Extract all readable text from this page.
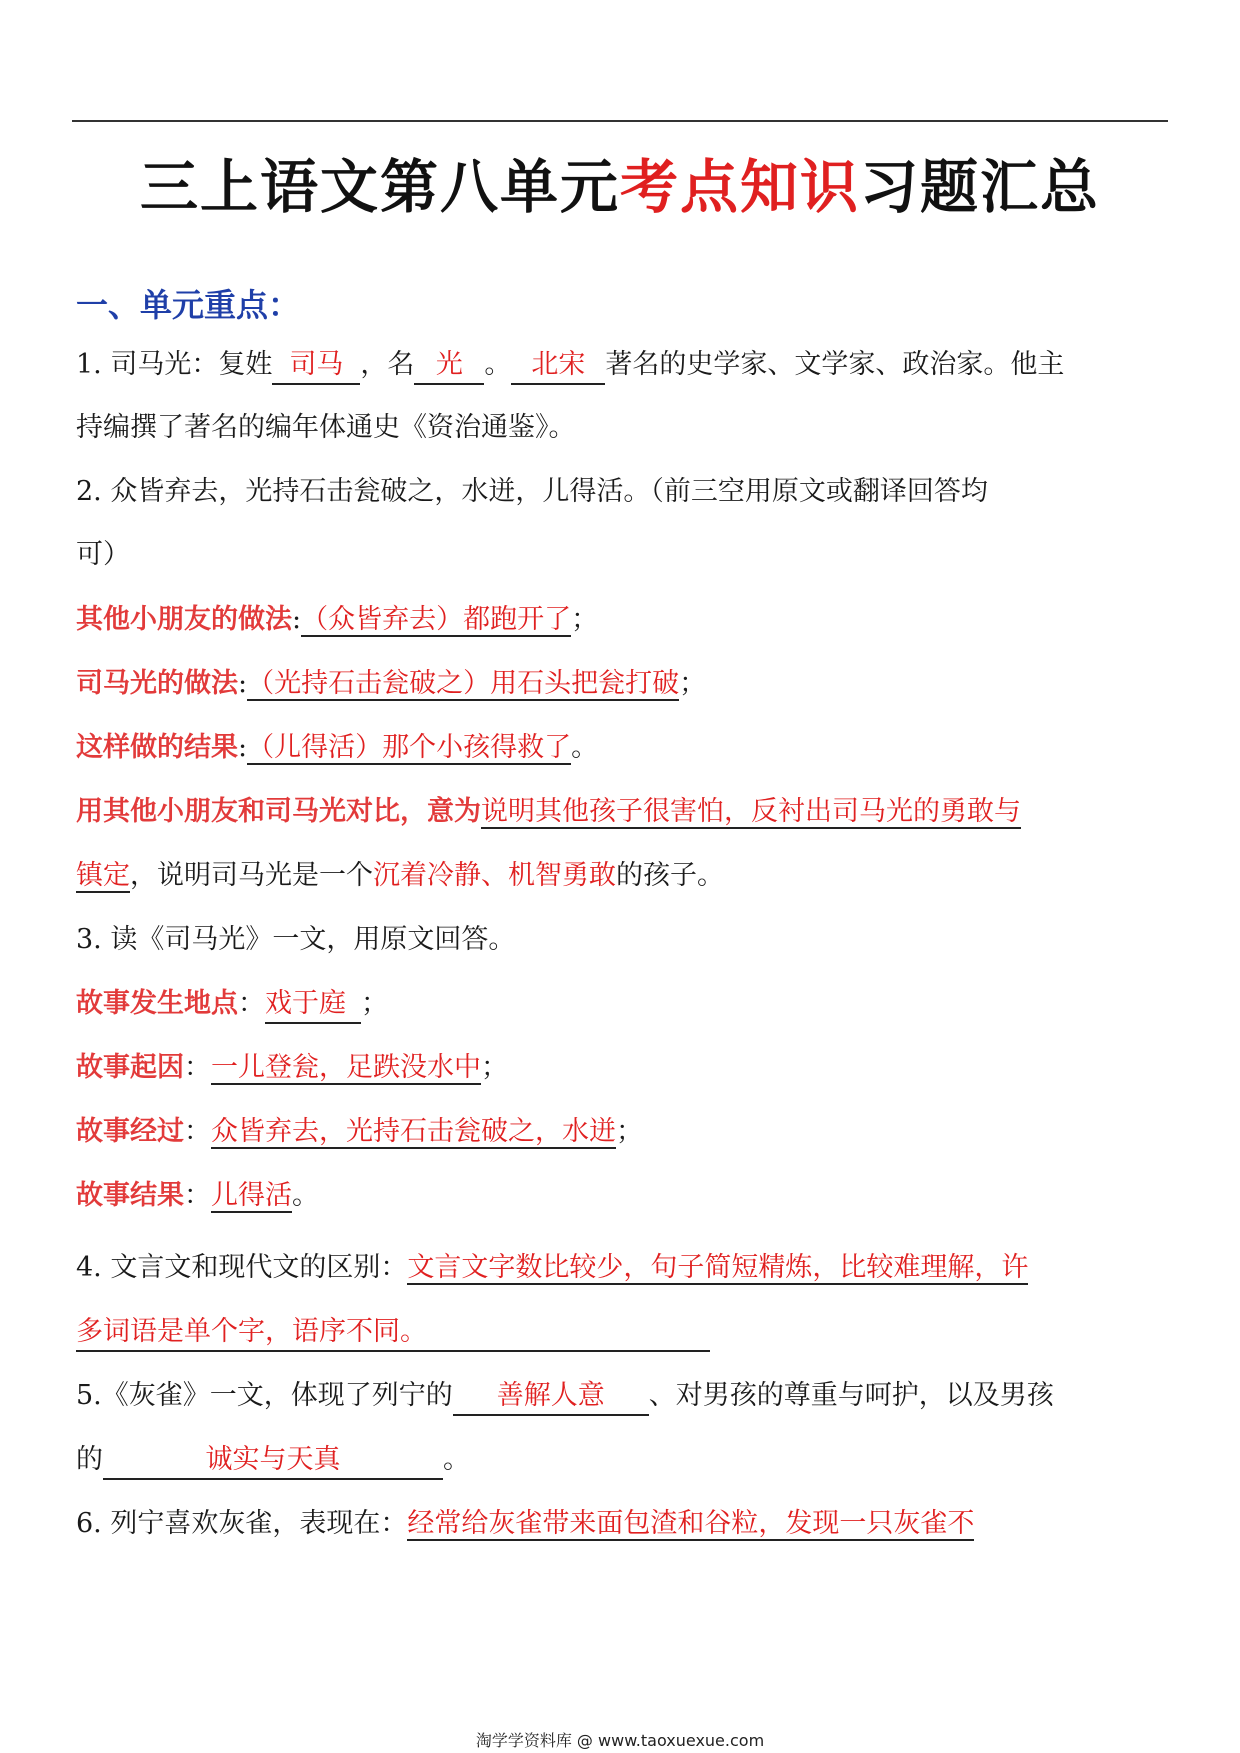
三上语文第八单元考点知识习题汇总
一、单元重点：
1. 司马光：复姓 司马 ，名 光 。 北宋 著名的史学家、文学家、政治家。他主
持编撰了著名的编年体通史《资治通鉴》。
2. 众皆弃去，光持石击瓮破之，水迸，儿得活。（前三空用原文或翻译回答均
可）
其他小朋友的做法:（众皆弃去）都跑开了；
司马光的做法:（光持石击瓮破之）用石头把瓮打破；
这样做的结果:（儿得活）那个小孩得救了。
用其他小朋友和司马光对比，意为说明其他孩子很害怕，反衬出司马光的勇敢与
镇定，说明司马光是一个沉着冷静、机智勇敢的孩子。
3. 读《司马光》一文，用原文回答。
故事发生地点：戏于庭 ；
故事起因：一儿登瓮，足跌没水中；
故事经过：众皆弃去，光持石击瓮破之，水迸；
故事结果：儿得活。
4. 文言文和现代文的区别：文言文字数比较少，句子简短精炼，比较难理解，许
多词语是单个字，语序不同。
5.《灰雀》一文，体现了列宁的 善解人意 、对男孩的尊重与呵护，以及男孩
的	诚实与天真	。
6. 列宁喜欢灰雀，表现在：经常给灰雀带来面包渣和谷粒，发现一只灰雀不
淘学学资料库 @ www.taoxuexue.com
